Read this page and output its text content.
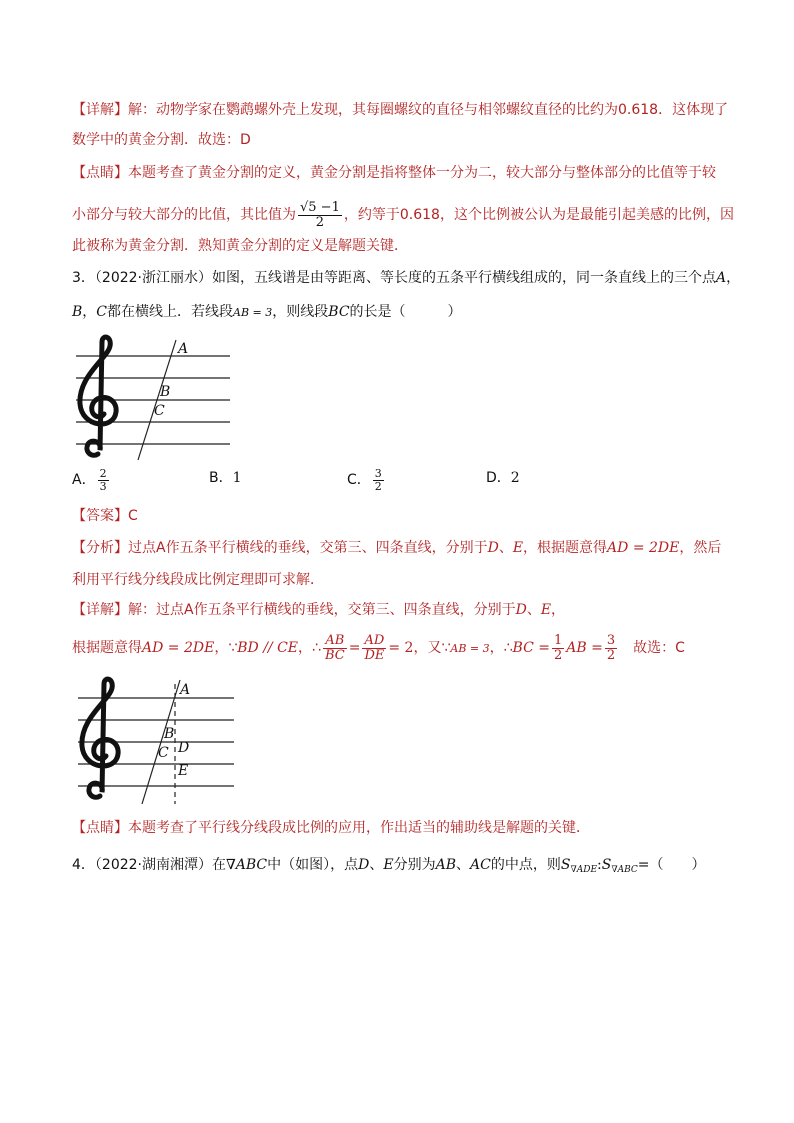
【详解】解：动物学家在鹦鹉螺外壳上发现，其每圈螺纹的直径与相邻螺纹直径的比约为0.618．这体现了
数学中的黄金分割．故选：D
【点睛】本题考查了黄金分割的定义，黄金分割是指将整体一分为二，较大部分与整体部分的比值等于较
小部分与较大部分的比值，其比值为 $\frac{√5 -1}{2}$ ，约等于0.618，这个比例被公认为是最能引起美感的比例，因
此被称为黄金分割．熟知黄金分割的定义是解题关键．
3．（2022·浙江丽水）如图，五线谱是由等距离、等长度的五条平行横线组成的，同一条直线上的三个点A，
B，C都在横线上．若线段AB = 3，则线段BC的长是（　　　）
A
B
C
A． $\frac{2}{3}$	B．1	C． $\frac{3}{2}$	D．2
【答案】C
【分析】过点A作五条平行横线的垂线，交第三、四条直线，分别于D、E，根据题意得AD = 2DE，然后
利用平行线分线段成比例定理即可求解．
【详解】解：过点A作五条平行横线的垂线，交第三、四条直线，分别于D、E，
根据题意得AD = 2DE，∵BD // CE，∴ $\frac{AB}{BC} = \frac{AD}{DE} = 2$，又∵AB = 3，∴BC = $\frac{1}{2}$ AB = $\frac{3}{2}$ 故选：C
A
B
C D
E
【点睛】本题考查了平行线分线段成比例的应用，作出适当的辅助线是解题的关键．
4．（2022·湖南湘潭）在∇ABC中（如图），点D、E分别为AB、AC的中点，则$S_{\nabla ADE}:S_{\nabla ABC}=$（　　）
